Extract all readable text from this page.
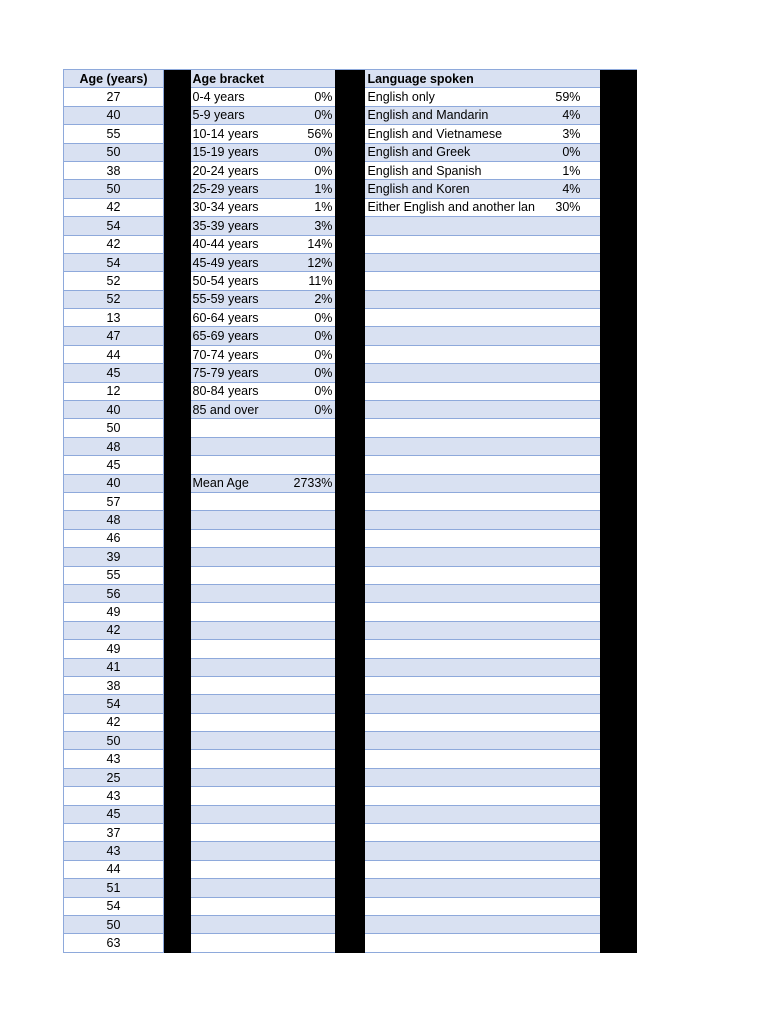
Age (years)		Age bracket			Language spoken		
27		0-4 years	0%		English only	59%	
40		5-9 years	0%		English and Mandarin	4%	
55		10-14 years	56%		English and Vietnamese	3%	
50		15-19 years	0%		English and Greek	0%	
38		20-24 years	0%		English and Spanish	1%	
50		25-29 years	1%		English and Koren	4%	
42		30-34 years	1%		Either English and another lan	30%	
54		35-39 years	3%				
42		40-44 years	14%				
54		45-49 years	12%				
52		50-54 years	11%				
52		55-59 years	2%				
13		60-64 years	0%				
47		65-69 years	0%				
44		70-74 years	0%				
45		75-79 years	0%				
12		80-84 years	0%				
40		85 and over	0%				
50							
48							
45							
40		Mean Age	2733%				
57							
48							
46							
39							
55							
56							
49							
42							
49							
41							
38							
54							
42							
50							
43							
25							
43							
45							
37							
43							
44							
51							
54							
50							
63							
